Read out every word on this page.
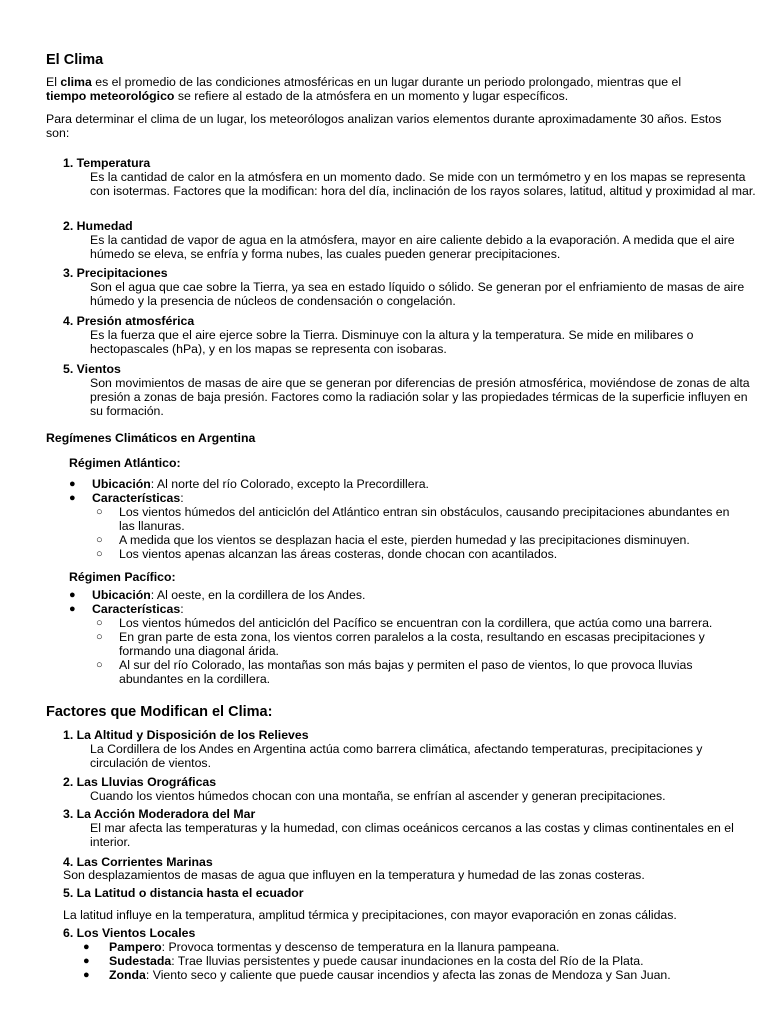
El Clima
El clima es el promedio de las condiciones atmosféricas en un lugar durante un periodo prolongado, mientras que el
tiempo meteorológico se refiere al estado de la atmósfera en un momento y lugar específicos.
Para determinar el clima de un lugar, los meteorólogos analizan varios elementos durante aproximadamente 30 años. Estos son:
1. Temperatura
Es la cantidad de calor en la atmósfera en un momento dado. Se mide con un termómetro y en los mapas se representa con isotermas. Factores que la modifican: hora del día, inclinación de los rayos solares, latitud, altitud y proximidad al mar.
2. Humedad
Es la cantidad de vapor de agua en la atmósfera, mayor en aire caliente debido a la evaporación. A medida que el aire húmedo se eleva, se enfría y forma nubes, las cuales pueden generar precipitaciones.
3. Precipitaciones
Son el agua que cae sobre la Tierra, ya sea en estado líquido o sólido. Se generan por el enfriamiento de masas de aire húmedo y la presencia de núcleos de condensación o congelación.
4. Presión atmosférica
Es la fuerza que el aire ejerce sobre la Tierra. Disminuye con la altura y la temperatura. Se mide en milibares o hectopascales (hPa), y en los mapas se representa con isobaras.
5. Vientos
Son movimientos de masas de aire que se generan por diferencias de presión atmosférica, moviéndose de zonas de alta presión a zonas de baja presión. Factores como la radiación solar y las propiedades térmicas de la superficie influyen en su formación.
Regímenes Climáticos en Argentina
Régimen Atlántico:
●	Ubicación: Al norte del río Colorado, excepto la Precordillera.
●	Características:
○	Los vientos húmedos del anticiclón del Atlántico entran sin obstáculos, causando precipitaciones abundantes en las llanuras.
○	A medida que los vientos se desplazan hacia el este, pierden humedad y las precipitaciones disminuyen.
○	Los vientos apenas alcanzan las áreas costeras, donde chocan con acantilados.
Régimen Pacífico:
●	Ubicación: Al oeste, en la cordillera de los Andes.
●	Características:
○	Los vientos húmedos del anticiclón del Pacífico se encuentran con la cordillera, que actúa como una barrera.
○	En gran parte de esta zona, los vientos corren paralelos a la costa, resultando en escasas precipitaciones y formando una diagonal árida.
○	Al sur del río Colorado, las montañas son más bajas y permiten el paso de vientos, lo que provoca lluvias abundantes en la cordillera.
Factores que Modifican el Clima:
1. La Altitud y Disposición de los Relieves
La Cordillera de los Andes en Argentina actúa como barrera climática, afectando temperaturas, precipitaciones y circulación de vientos.
2. Las Lluvias Orográficas
Cuando los vientos húmedos chocan con una montaña, se enfrían al ascender y generan precipitaciones.
3. La Acción Moderadora del Mar
El mar afecta las temperaturas y la humedad, con climas oceánicos cercanos a las costas y climas continentales en el interior.
4. Las Corrientes Marinas
Son desplazamientos de masas de agua que influyen en la temperatura y humedad de las zonas costeras.
5. La Latitud o distancia hasta el ecuador
La latitud influye en la temperatura, amplitud térmica y precipitaciones, con mayor evaporación en zonas cálidas.
6. Los Vientos Locales
●	Pampero: Provoca tormentas y descenso de temperatura en la llanura pampeana.
●	Sudestada: Trae lluvias persistentes y puede causar inundaciones en la costa del Río de la Plata.
●	Zonda: Viento seco y caliente que puede causar incendios y afecta las zonas de Mendoza y San Juan.
